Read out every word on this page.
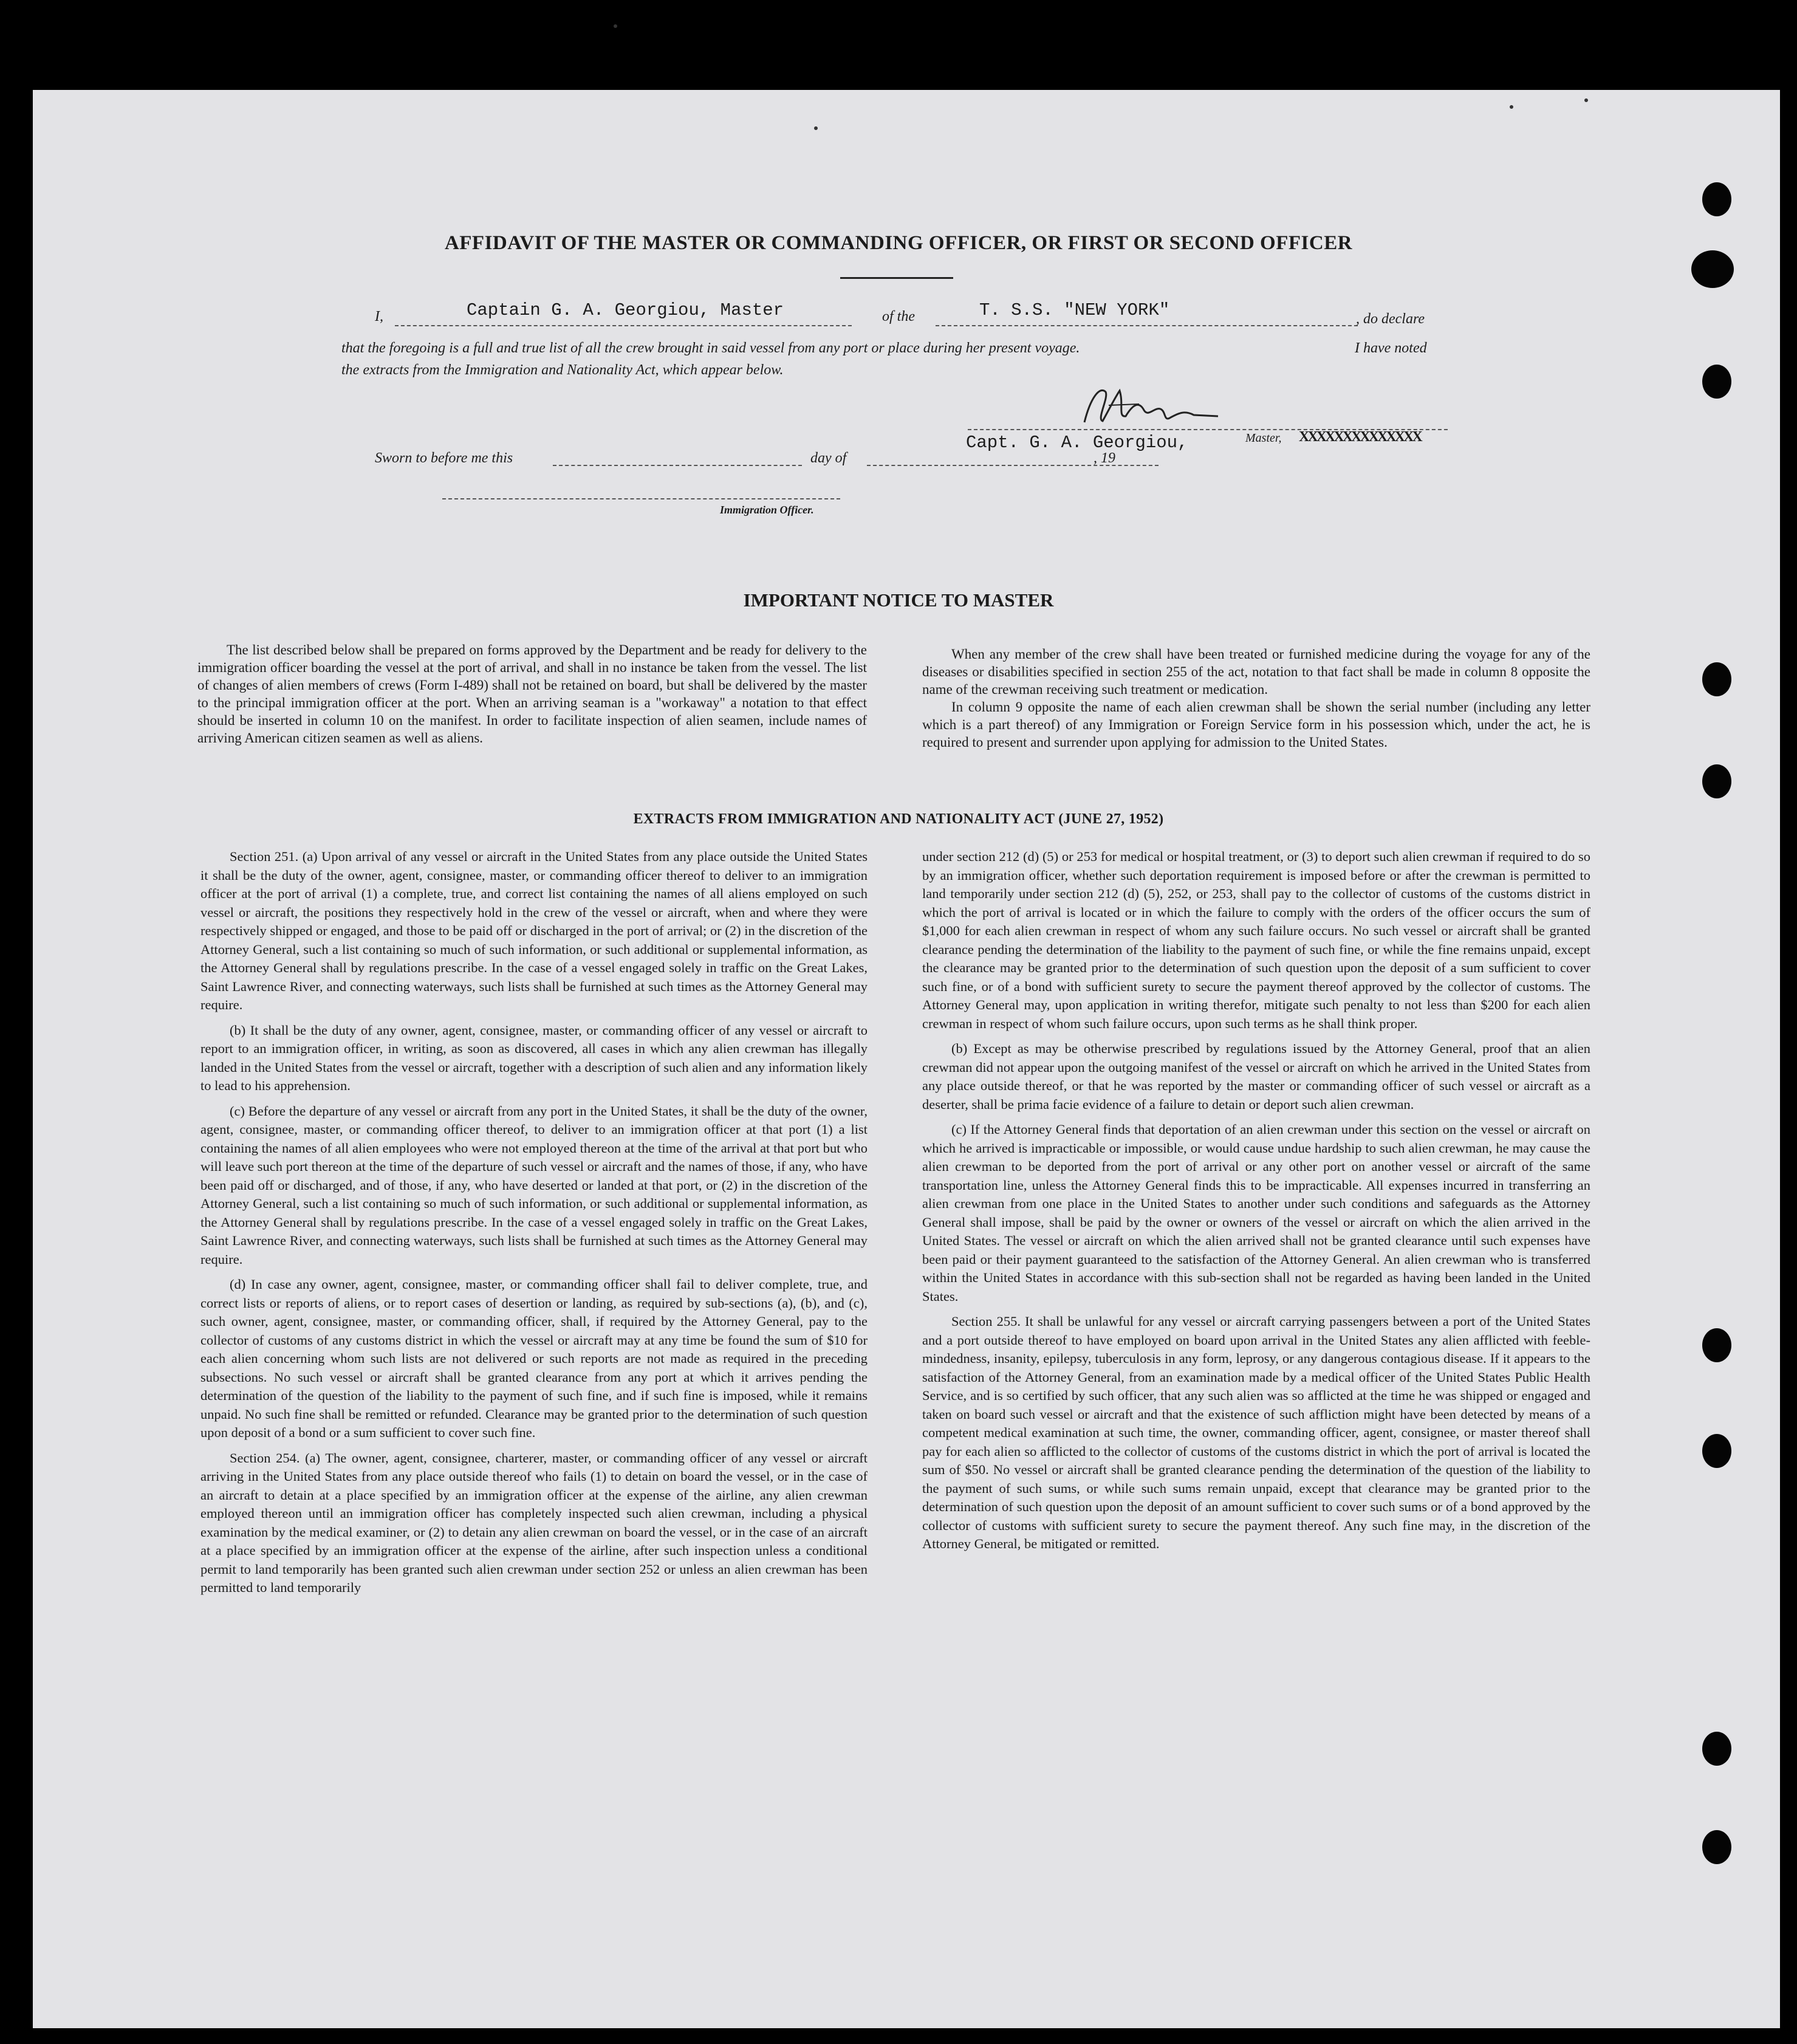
AFFIDAVIT OF THE MASTER OR COMMANDING OFFICER, OR FIRST OR SECOND OFFICER
I,	Captain G. A. Georgiou, Master	of the	T. S.S. "NEW YORK"	, do declare
that the foregoing is a full and true list of all the crew brought in said vessel from any port or place during her present voyage.	I have noted
the extracts from the Immigration and Nationality Act, which appear below.
Capt. G. A. Georgiou,	Master, XXXXXXXXXXXXXX
Sworn to before me this	day of	, 19
Immigration Officer.
IMPORTANT NOTICE TO MASTER

The list described below shall be prepared on forms approved by the Department and be ready for delivery to the immigration officer boarding the vessel at the port of arrival, and shall in no instance be taken from the vessel. The list of changes of alien members of crews (Form I-489) shall not be retained on board, but shall be delivered by the master to the principal immigration officer at the port. When an arriving seaman is a "workaway" a notation to that effect should be inserted in column 10 on the manifest. In order to facilitate inspection of alien seamen, include names of arriving American citizen seamen as well as aliens.

When any member of the crew shall have been treated or furnished medicine during the voyage for any of the diseases or disabilities specified in section 255 of the act, notation to that fact shall be made in column 8 opposite the name of the crewman receiving such treatment or medication.

In column 9 opposite the name of each alien crewman shall be shown the serial number (including any letter which is a part thereof) of any Immigration or Foreign Service form in his possession which, under the act, he is required to present and surrender upon applying for admission to the United States.

EXTRACTS FROM IMMIGRATION AND NATIONALITY ACT (JUNE 27, 1952)

Section 251. (a) Upon arrival of any vessel or aircraft in the United States from any place outside the United States it shall be the duty of the owner, agent, consignee, master, or commanding officer thereof to deliver to an immigration officer at the port of arrival (1) a complete, true, and correct list containing the names of all aliens employed on such vessel or aircraft, the positions they respectively hold in the crew of the vessel or aircraft, when and where they were respectively shipped or engaged, and those to be paid off or discharged in the port of arrival; or (2) in the discretion of the Attorney General, such a list containing so much of such information, or such additional or supplemental information, as the Attorney General shall by regulations prescribe. In the case of a vessel engaged solely in traffic on the Great Lakes, Saint Lawrence River, and connecting waterways, such lists shall be furnished at such times as the Attorney General may require.

(b) It shall be the duty of any owner, agent, consignee, master, or commanding officer of any vessel or aircraft to report to an immigration officer, in writing, as soon as discovered, all cases in which any alien crewman has illegally landed in the United States from the vessel or aircraft, together with a description of such alien and any information likely to lead to his apprehension.

(c) Before the departure of any vessel or aircraft from any port in the United States, it shall be the duty of the owner, agent, consignee, master, or commanding officer thereof, to deliver to an immigration officer at that port (1) a list containing the names of all alien employees who were not employed thereon at the time of the arrival at that port but who will leave such port thereon at the time of the departure of such vessel or aircraft and the names of those, if any, who have been paid off or discharged, and of those, if any, who have deserted or landed at that port, or (2) in the discretion of the Attorney General, such a list containing so much of such information, or such additional or supplemental information, as the Attorney General shall by regulations prescribe. In the case of a vessel engaged solely in traffic on the Great Lakes, Saint Lawrence River, and connecting waterways, such lists shall be furnished at such times as the Attorney General may require.

(d) In case any owner, agent, consignee, master, or commanding officer shall fail to deliver complete, true, and correct lists or reports of aliens, or to report cases of desertion or landing, as required by sub-sections (a), (b), and (c), such owner, agent, consignee, master, or commanding officer, shall, if required by the Attorney General, pay to the collector of customs of any customs district in which the vessel or aircraft may at any time be found the sum of $10 for each alien concerning whom such lists are not delivered or such reports are not made as required in the preceding subsections. No such vessel or aircraft shall be granted clearance from any port at which it arrives pending the determination of the question of the liability to the payment of such fine, and if such fine is imposed, while it remains unpaid. No such fine shall be remitted or refunded. Clearance may be granted prior to the determination of such question upon deposit of a bond or a sum sufficient to cover such fine.

Section 254. (a) The owner, agent, consignee, charterer, master, or commanding officer of any vessel or aircraft arriving in the United States from any place outside thereof who fails (1) to detain on board the vessel, or in the case of an aircraft to detain at a place specified by an immigration officer at the expense of the airline, any alien crewman employed thereon until an immigration officer has completely inspected such alien crewman, including a physical examination by the medical examiner, or (2) to detain any alien crewman on board the vessel, or in the case of an aircraft at a place specified by an immigration officer at the expense of the airline, after such inspection unless a conditional permit to land temporarily has been granted such alien crewman under section 252 or unless an alien crewman has been permitted to land temporarily

under section 212 (d) (5) or 253 for medical or hospital treatment, or (3) to deport such alien crewman if required to do so by an immigration officer, whether such deportation requirement is imposed before or after the crewman is permitted to land temporarily under section 212 (d) (5), 252, or 253, shall pay to the collector of customs of the customs district in which the port of arrival is located or in which the failure to comply with the orders of the officer occurs the sum of $1,000 for each alien crewman in respect of whom any such failure occurs. No such vessel or aircraft shall be granted clearance pending the determination of the liability to the payment of such fine, or while the fine remains unpaid, except the clearance may be granted prior to the determination of such question upon the deposit of a sum sufficient to cover such fine, or of a bond with sufficient surety to secure the payment thereof approved by the collector of customs. The Attorney General may, upon application in writing therefor, mitigate such penalty to not less than $200 for each alien crewman in respect of whom such failure occurs, upon such terms as he shall think proper.

(b) Except as may be otherwise prescribed by regulations issued by the Attorney General, proof that an alien crewman did not appear upon the outgoing manifest of the vessel or aircraft on which he arrived in the United States from any place outside thereof, or that he was reported by the master or commanding officer of such vessel or aircraft as a deserter, shall be prima facie evidence of a failure to detain or deport such alien crewman.

(c) If the Attorney General finds that deportation of an alien crewman under this section on the vessel or aircraft on which he arrived is impracticable or impossible, or would cause undue hardship to such alien crewman, he may cause the alien crewman to be deported from the port of arrival or any other port on another vessel or aircraft of the same transportation line, unless the Attorney General finds this to be impracticable. All expenses incurred in transferring an alien crewman from one place in the United States to another under such conditions and safeguards as the Attorney General shall impose, shall be paid by the owner or owners of the vessel or aircraft on which the alien arrived in the United States. The vessel or aircraft on which the alien arrived shall not be granted clearance until such expenses have been paid or their payment guaranteed to the satisfaction of the Attorney General. An alien crewman who is transferred within the United States in accordance with this sub-section shall not be regarded as having been landed in the United States.

Section 255. It shall be unlawful for any vessel or aircraft carrying passengers between a port of the United States and a port outside thereof to have employed on board upon arrival in the United States any alien afflicted with feeble-mindedness, insanity, epilepsy, tuberculosis in any form, leprosy, or any dangerous contagious disease. If it appears to the satisfaction of the Attorney General, from an examination made by a medical officer of the United States Public Health Service, and is so certified by such officer, that any such alien was so afflicted at the time he was shipped or engaged and taken on board such vessel or aircraft and that the existence of such affliction might have been detected by means of a competent medical examination at such time, the owner, commanding officer, agent, consignee, or master thereof shall pay for each alien so afflicted to the collector of customs of the customs district in which the port of arrival is located the sum of $50. No vessel or aircraft shall be granted clearance pending the determination of the question of the liability to the payment of such sums, or while such sums remain unpaid, except that clearance may be granted prior to the determination of such question upon the deposit of an amount sufficient to cover such sums or of a bond approved by the collector of customs with sufficient surety to secure the payment thereof. Any such fine may, in the discretion of the Attorney General, be mitigated or remitted.
